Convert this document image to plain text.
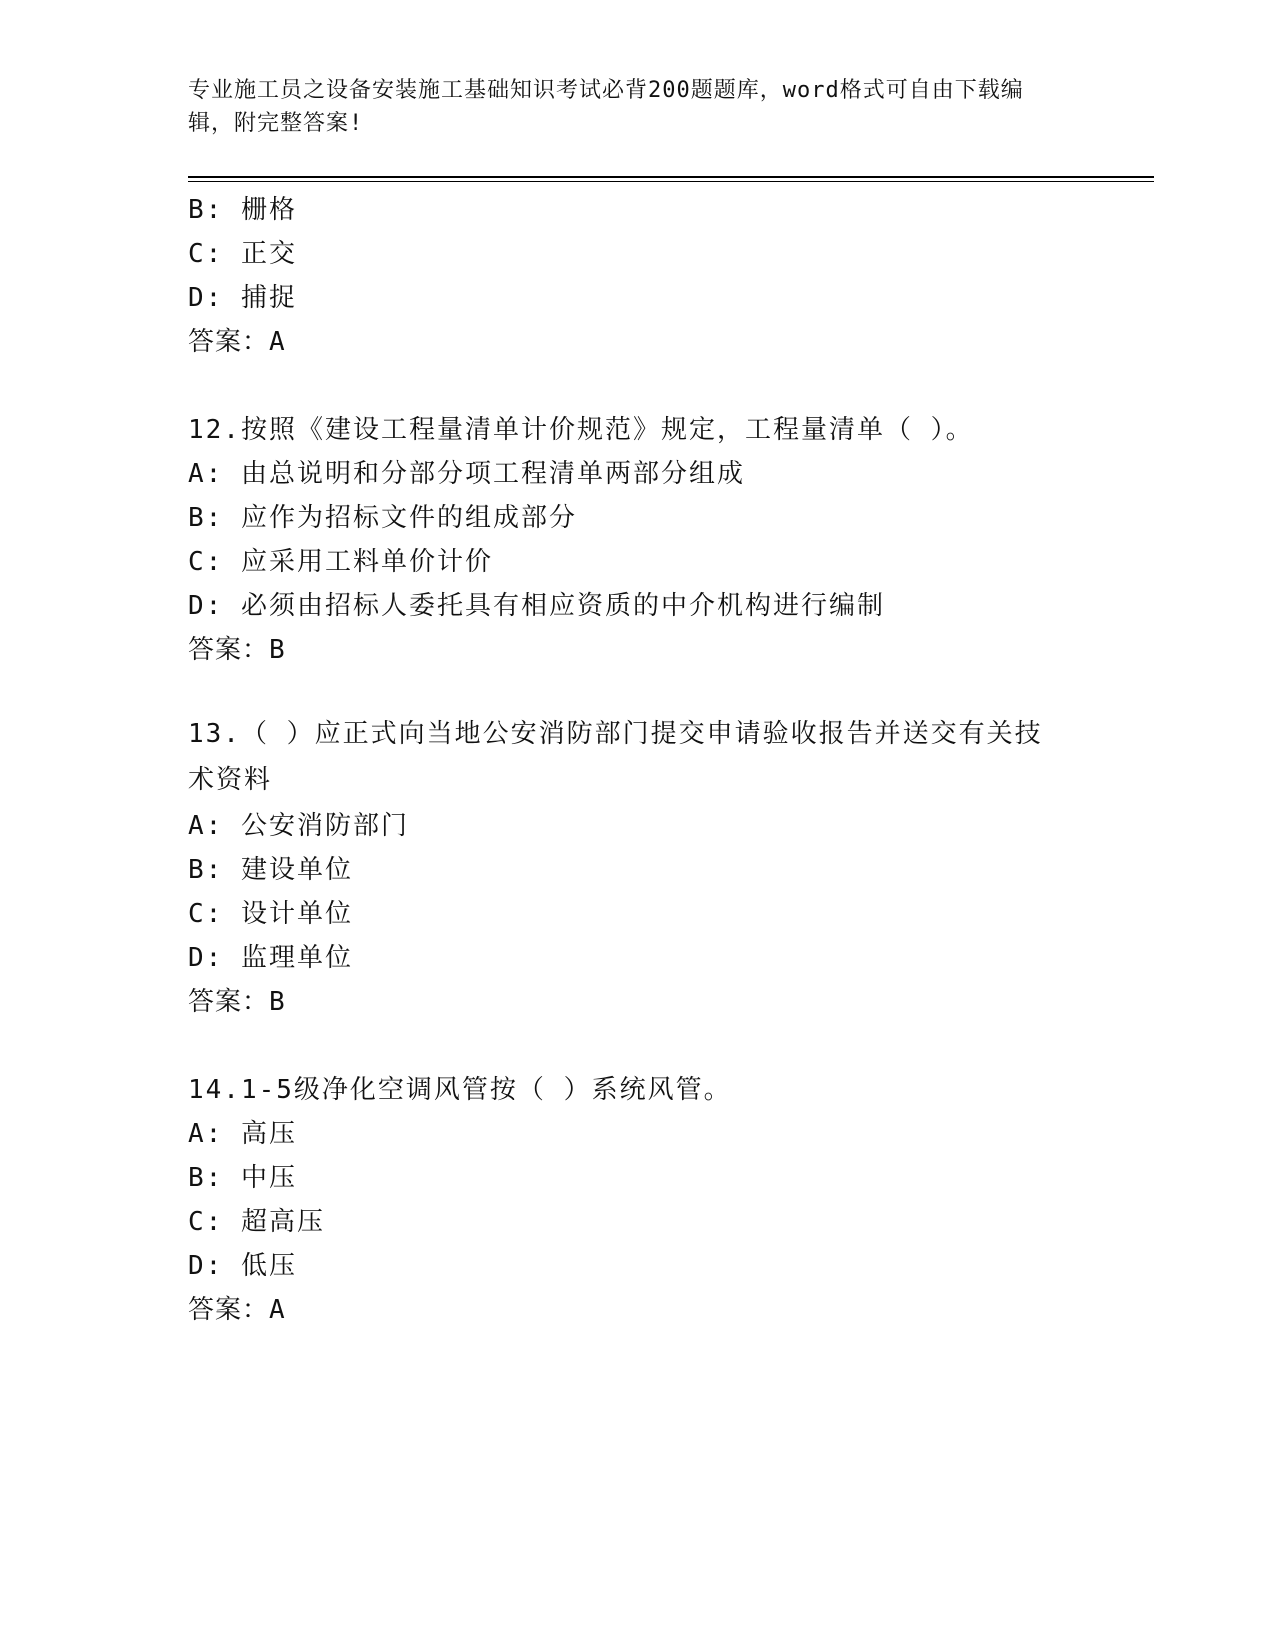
专业施工员之设备安装施工基础知识考试必背200题题库，word格式可自由下载编辑，附完整答案!
B: 栅格
C: 正交
D: 捕捉
答案：A
12.按照《建设工程量清单计价规范》规定，工程量清单（ ）。
A: 由总说明和分部分项工程清单两部分组成
B: 应作为招标文件的组成部分
C: 应采用工料单价计价
D: 必须由招标人委托具有相应资质的中介机构进行编制
答案：B
13.（ ）应正式向当地公安消防部门提交申请验收报告并送交有关技术资料
A: 公安消防部门
B: 建设单位
C: 设计单位
D: 监理单位
答案：B
14.1-5级净化空调风管按（ ）系统风管。
A: 高压
B: 中压
C: 超高压
D: 低压
答案：A
